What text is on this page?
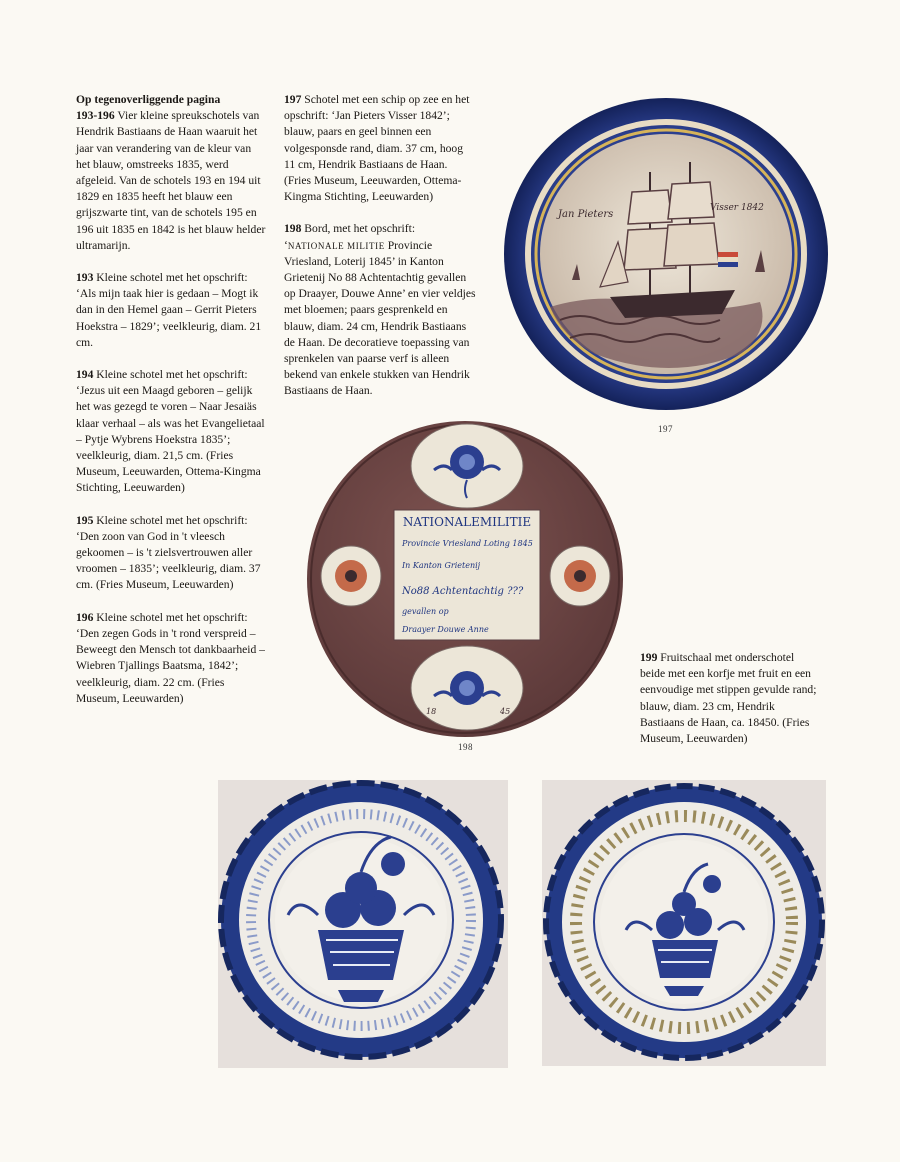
Op tegenoverliggende pagina

193-196 Vier kleine spreukschotels van Hendrik Bastiaans de Haan waaruit het jaar van verandering van de kleur van het blauw, omstreeks 1835, werd afgeleid. Van de schotels 193 en 194 uit 1829 en 1835 heeft het blauw een grijszwarte tint, van de schotels 195 en 196 uit 1835 en 1842 is het blauw helder ultramarijn.

193 Kleine schotel met het opschrift: ‘Als mijn taak hier is gedaan – Mogt ik dan in den Hemel gaan – Gerrit Pieters Hoekstra – 1829’; veelkleurig, diam. 21 cm.

194 Kleine schotel met het opschrift: ‘Jezus uit een Maagd geboren – gelijk het was gezegd te voren – Naar Jesaiäs klaar verhaal – als was het Evangelietaal – Pytje Wybrens Hoekstra 1835’; veelkleurig, diam. 21,5 cm. (Fries Museum, Leeuwarden, Ottema-Kingma Stichting, Leeuwarden)

195 Kleine schotel met het opschrift: ‘Den zoon van God in 't vleesch gekoomen – is 't zielsvertrouwen aller vroomen – 1835’; veelkleurig, diam. 37 cm. (Fries Museum, Leeuwarden)

196 Kleine schotel met het opschrift: ‘Den zegen Gods in 't rond verspreid – Beweegt den Mensch tot dankbaarheid – Wiebren Tjallings Baatsma, 1842’; veelkleurig, diam. 22 cm. (Fries Museum, Leeuwarden)

197 Schotel met een schip op zee en het opschrift: ‘Jan Pieters Visser 1842’; blauw, paars en geel binnen een volgesponsde rand, diam. 37 cm, hoog 11 cm, Hendrik Bastiaans de Haan. (Fries Museum, Leeuwarden, Ottema-Kingma Stichting, Leeuwarden)

198 Bord, met het opschrift: ‘NATIONALE MILITIE Provincie Vriesland, Loterij 1845’ in Kanton Grietenij No 88 Achtentachtig gevallen op Draayer, Douwe Anne’ en vier veldjes met bloemen; paars gesprenkeld en blauw, diam. 24 cm, Hendrik Bastiaans de Haan. De decoratieve toepassing van sprenkelen van paarse verf is alleen bekend van enkele stukken van Hendrik Bastiaans de Haan.

199 Fruitschaal met onderschotel beide met een korfje met fruit en een eenvoudige met stippen gevulde rand; blauw, diam. 23 cm, Hendrik Bastiaans de Haan, ca. 18450. (Fries Museum, Leeuwarden)

Jan Pieters
Visser 1842
197
18	45
NATIONALEMILITIE
Provincie Vriesland Loting 1845
In Kanton Grietenij
No88 Achtentachtig ???
gevallen op
Draayer Douwe Anne
198
